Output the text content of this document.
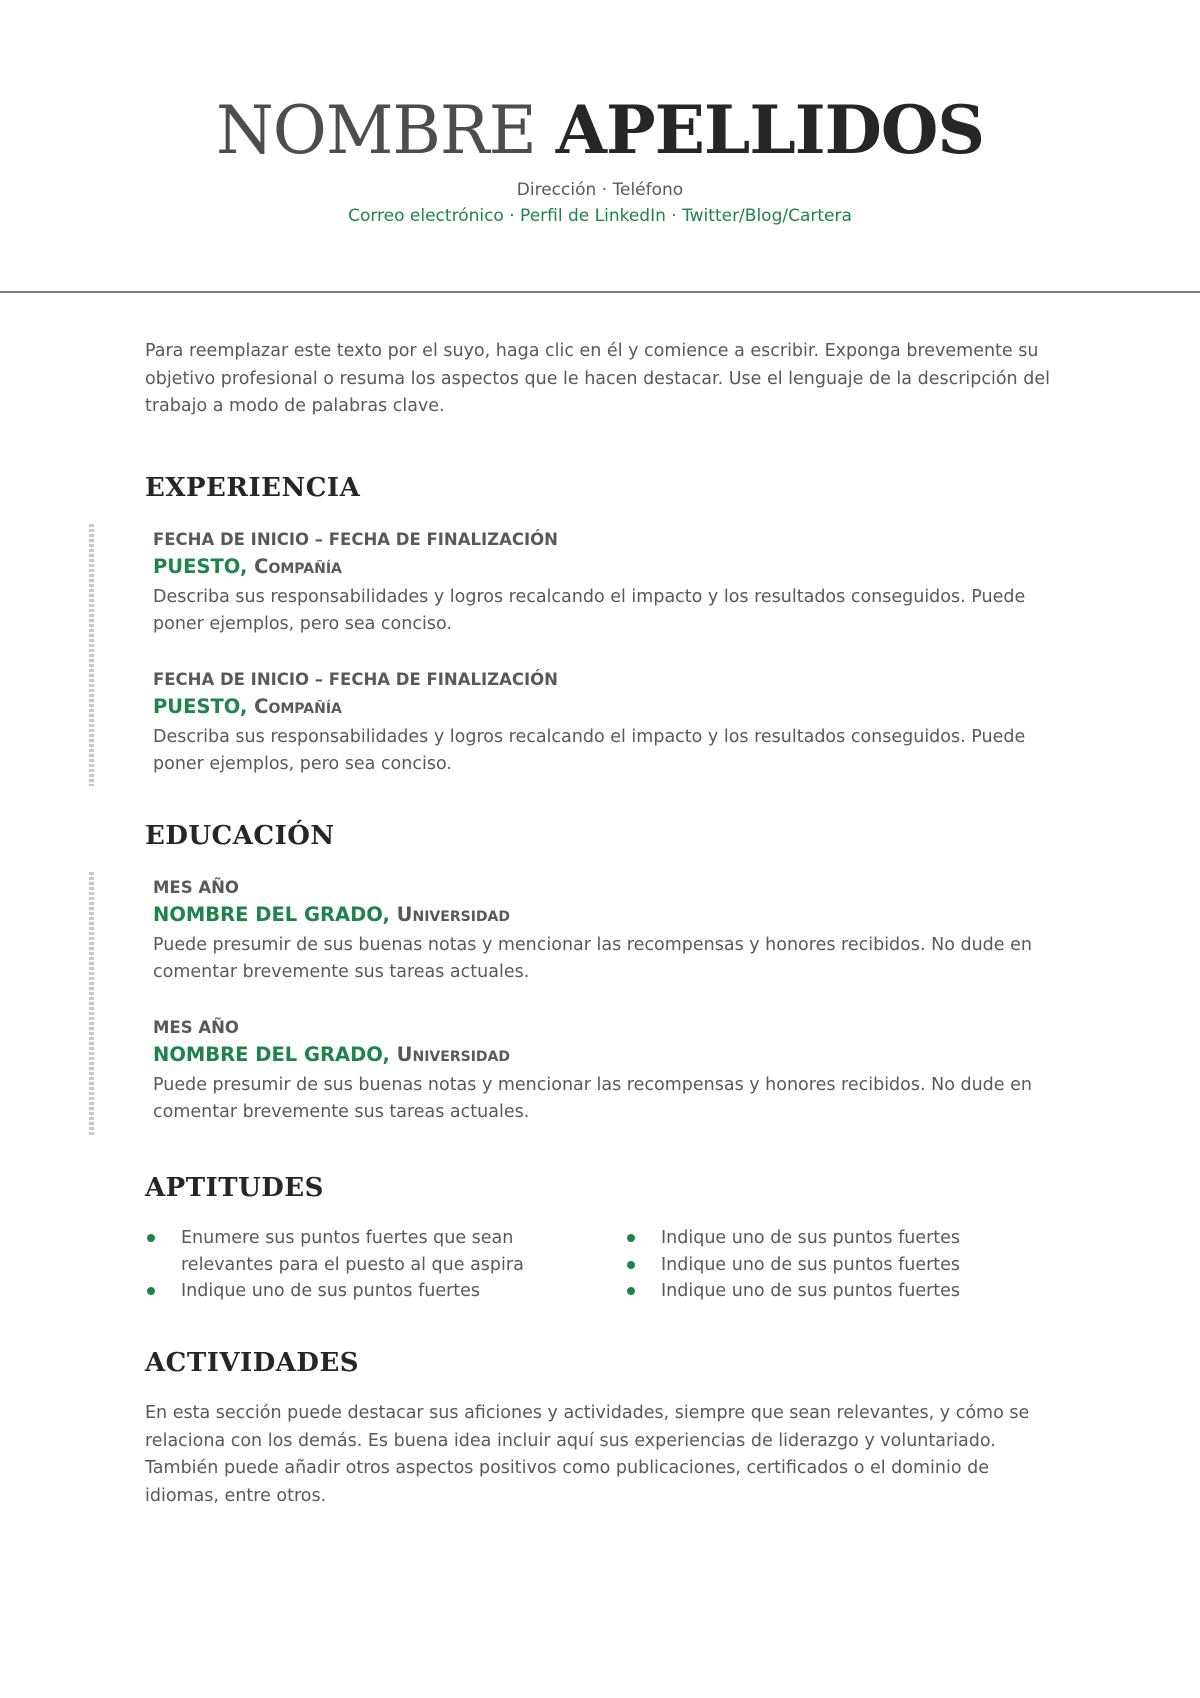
NOMBRE APELLIDOS
Dirección · Teléfono
Correo electrónico · Perfil de LinkedIn · Twitter/Blog/Cartera
Para reemplazar este texto por el suyo, haga clic en él y comience a escribir. Exponga brevemente su objetivo profesional o resuma los aspectos que le hacen destacar. Use el lenguaje de la descripción del trabajo a modo de palabras clave.
EXPERIENCIA
FECHA DE INICIO – FECHA DE FINALIZACIÓN
PUESTO, Compañía
Describa sus responsabilidades y logros recalcando el impacto y los resultados conseguidos. Puede poner ejemplos, pero sea conciso.
FECHA DE INICIO – FECHA DE FINALIZACIÓN
PUESTO, Compañía
Describa sus responsabilidades y logros recalcando el impacto y los resultados conseguidos. Puede poner ejemplos, pero sea conciso.
EDUCACIÓN
MES AÑO
NOMBRE DEL GRADO, Universidad
Puede presumir de sus buenas notas y mencionar las recompensas y honores recibidos. No dude en comentar brevemente sus tareas actuales.
MES AÑO
NOMBRE DEL GRADO, Universidad
Puede presumir de sus buenas notas y mencionar las recompensas y honores recibidos. No dude en comentar brevemente sus tareas actuales.
APTITUDES
Enumere sus puntos fuertes que sean relevantes para el puesto al que aspira
Indique uno de sus puntos fuertes
Indique uno de sus puntos fuertes
Indique uno de sus puntos fuertes
Indique uno de sus puntos fuertes
ACTIVIDADES
En esta sección puede destacar sus aficiones y actividades, siempre que sean relevantes, y cómo se relaciona con los demás. Es buena idea incluir aquí sus experiencias de liderazgo y voluntariado. También puede añadir otros aspectos positivos como publicaciones, certificados o el dominio de idiomas, entre otros.
